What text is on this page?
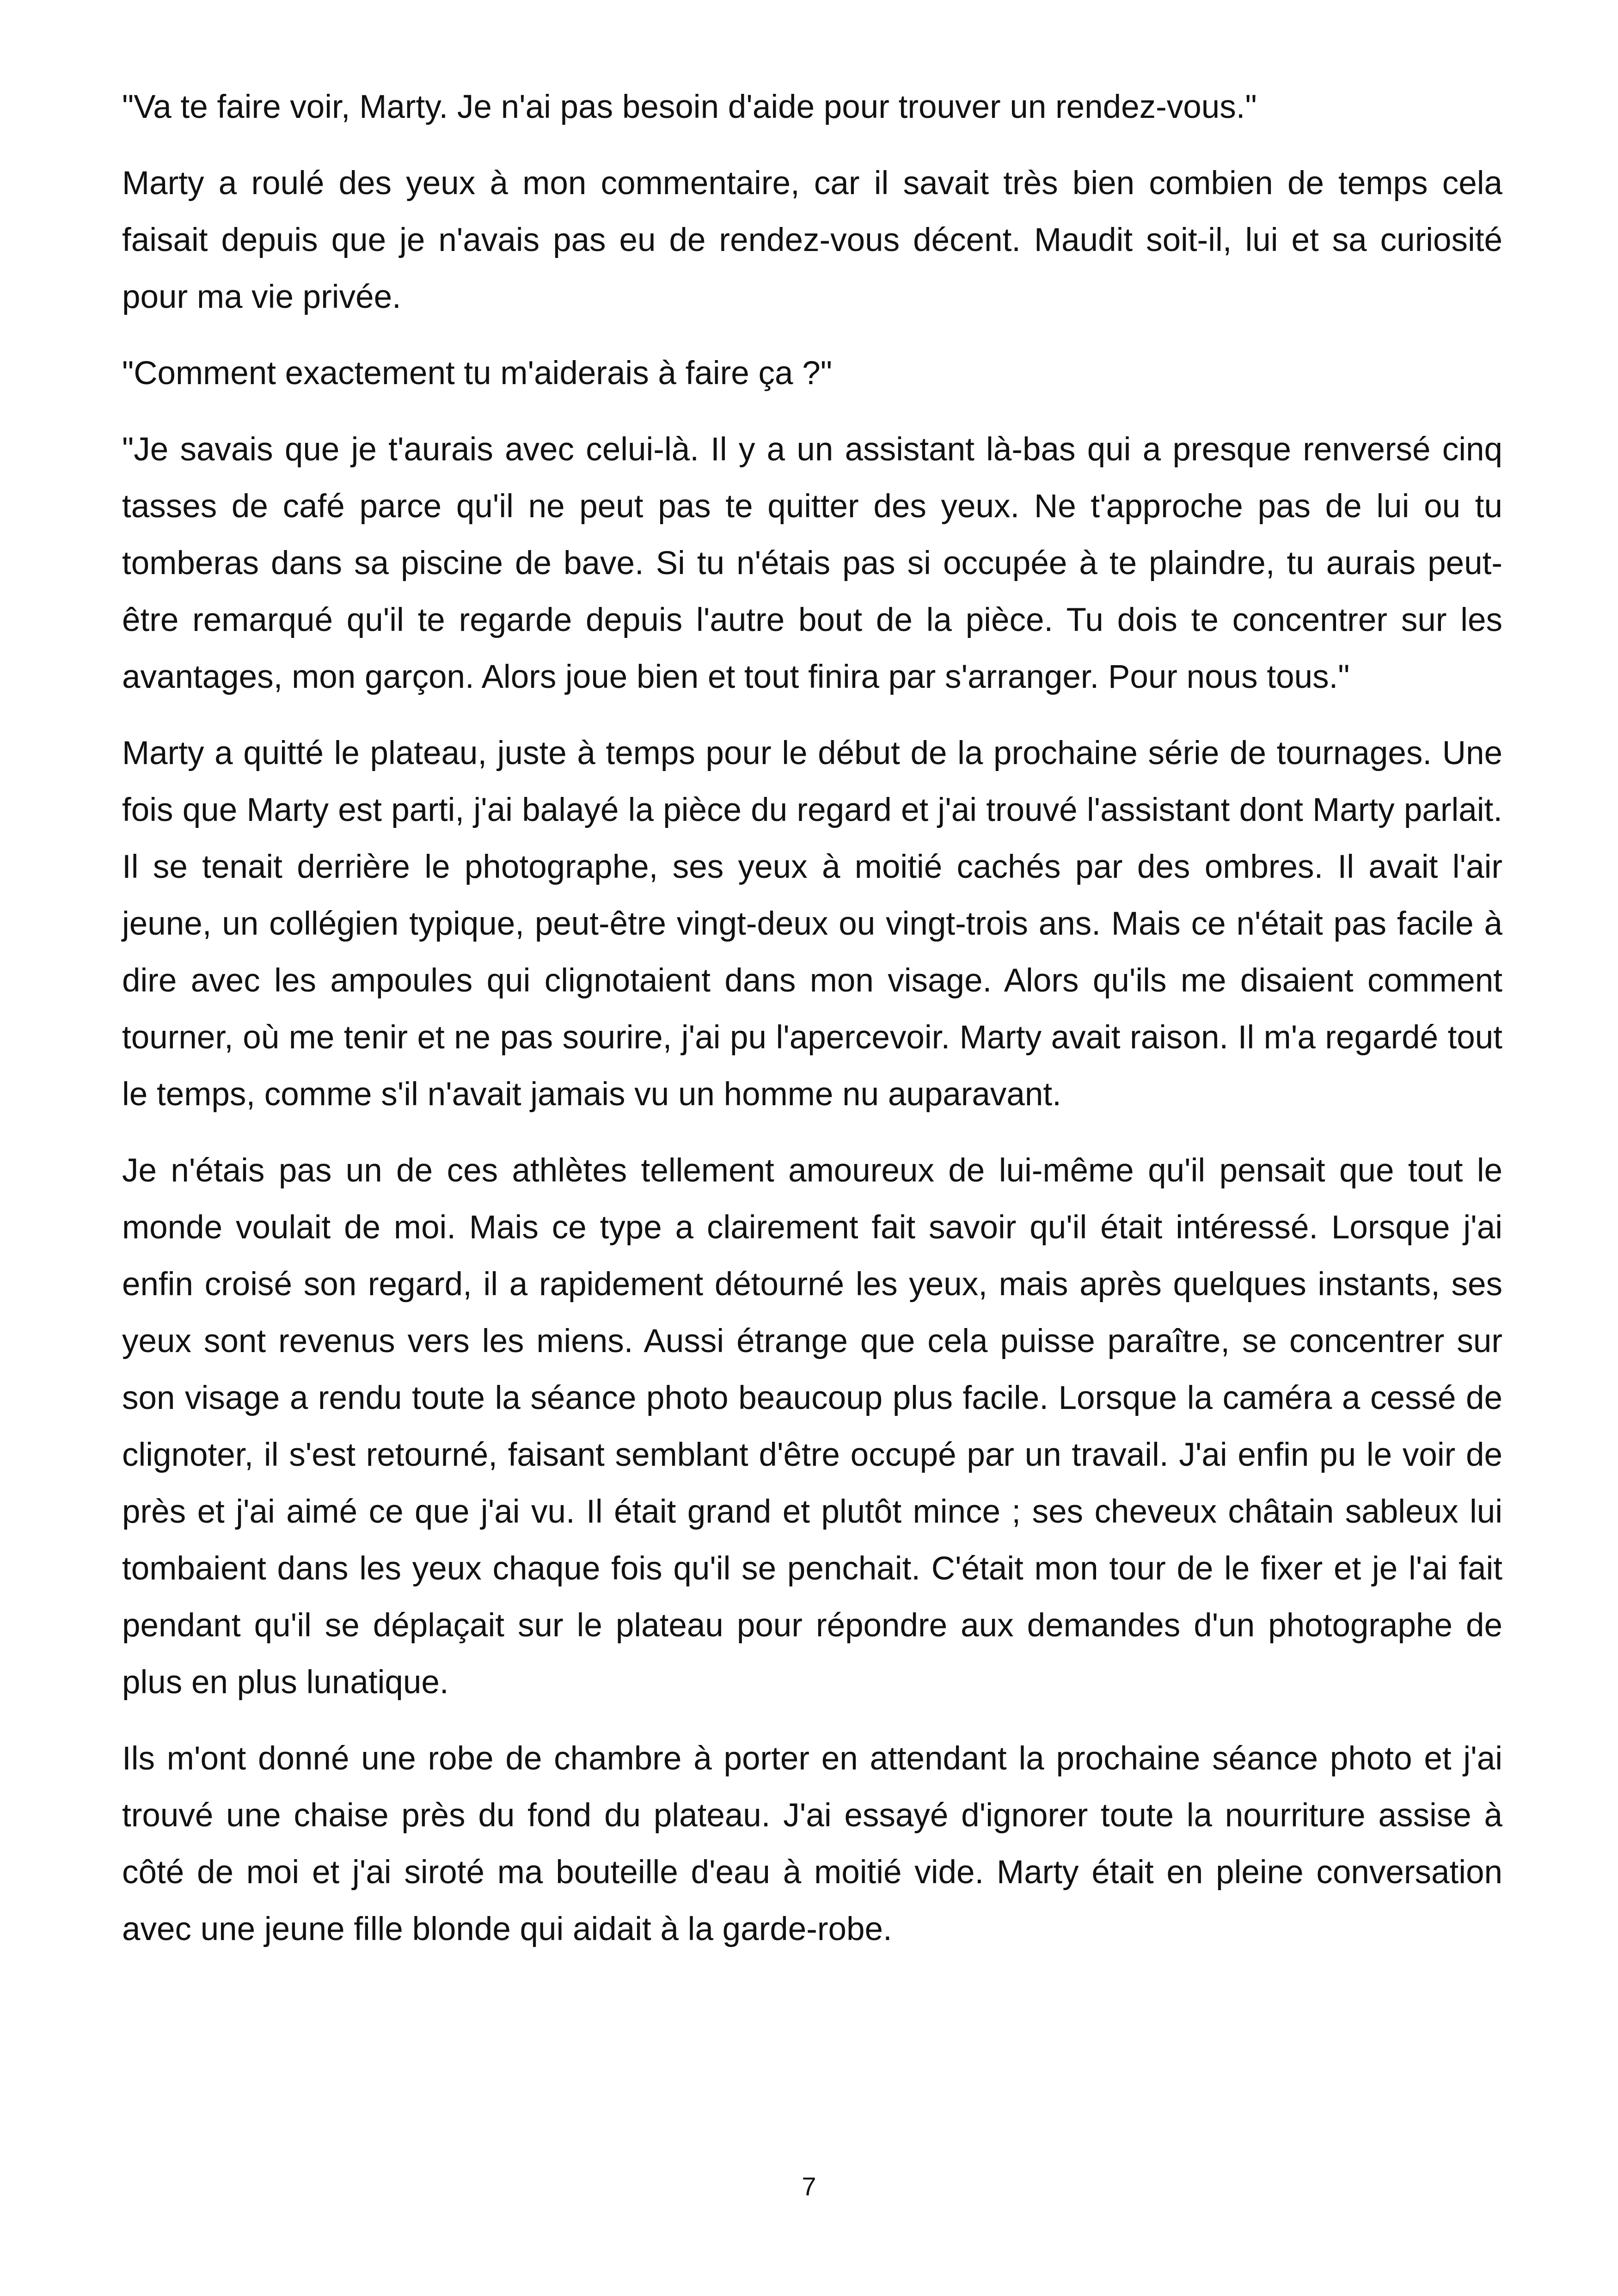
"Va te faire voir, Marty. Je n'ai pas besoin d'aide pour trouver un rendez-vous."

Marty a roulé des yeux à mon commentaire, car il savait très bien combien de temps cela faisait depuis que je n'avais pas eu de rendez-vous décent. Maudit soit-il, lui et sa curiosité pour ma vie privée.

"Comment exactement tu m'aiderais à faire ça ?"

"Je savais que je t'aurais avec celui-là. Il y a un assistant là-bas qui a presque renversé cinq tasses de café parce qu'il ne peut pas te quitter des yeux. Ne t'approche pas de lui ou tu tomberas dans sa piscine de bave. Si tu n'étais pas si occupée à te plaindre, tu aurais peut-être remarqué qu'il te regarde depuis l'autre bout de la pièce. Tu dois te concentrer sur les avantages, mon garçon. Alors joue bien et tout finira par s'arranger. Pour nous tous."

Marty a quitté le plateau, juste à temps pour le début de la prochaine série de tournages. Une fois que Marty est parti, j'ai balayé la pièce du regard et j'ai trouvé l'assistant dont Marty parlait. Il se tenait derrière le photographe, ses yeux à moitié cachés par des ombres. Il avait l'air jeune, un collégien typique, peut-être vingt-deux ou vingt-trois ans. Mais ce n'était pas facile à dire avec les ampoules qui clignotaient dans mon visage. Alors qu'ils me disaient comment tourner, où me tenir et ne pas sourire, j'ai pu l'apercevoir. Marty avait raison. Il m'a regardé tout le temps, comme s'il n'avait jamais vu un homme nu auparavant.

Je n'étais pas un de ces athlètes tellement amoureux de lui-même qu'il pensait que tout le monde voulait de moi. Mais ce type a clairement fait savoir qu'il était intéressé. Lorsque j'ai enfin croisé son regard, il a rapidement détourné les yeux, mais après quelques instants, ses yeux sont revenus vers les miens. Aussi étrange que cela puisse paraître, se concentrer sur son visage a rendu toute la séance photo beaucoup plus facile. Lorsque la caméra a cessé de clignoter, il s'est retourné, faisant semblant d'être occupé par un travail. J'ai enfin pu le voir de près et j'ai aimé ce que j'ai vu. Il était grand et plutôt mince ; ses cheveux châtain sableux lui tombaient dans les yeux chaque fois qu'il se penchait. C'était mon tour de le fixer et je l'ai fait pendant qu'il se déplaçait sur le plateau pour répondre aux demandes d'un photographe de plus en plus lunatique.

Ils m'ont donné une robe de chambre à porter en attendant la prochaine séance photo et j'ai trouvé une chaise près du fond du plateau. J'ai essayé d'ignorer toute la nourriture assise à côté de moi et j'ai siroté ma bouteille d'eau à moitié vide. Marty était en pleine conversation avec une jeune fille blonde qui aidait à la garde-robe.

7
